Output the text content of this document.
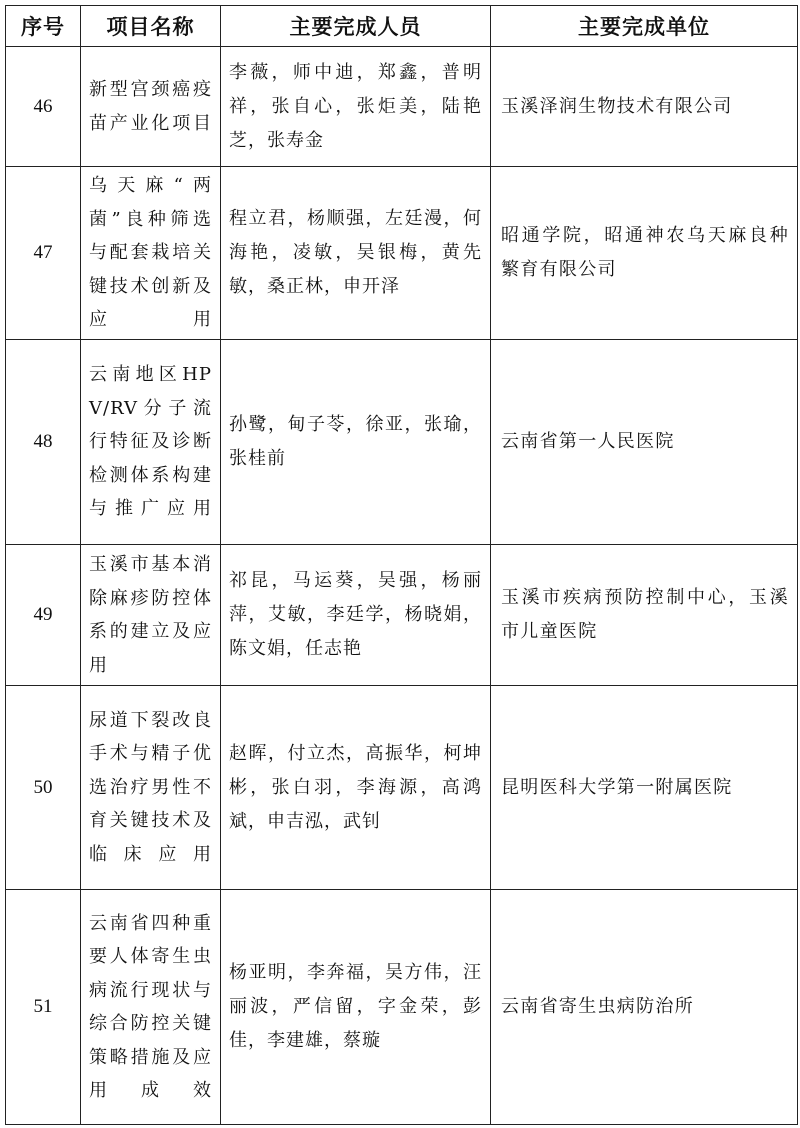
序号	项目名称	主要完成人员	主要完成单位
46	新型宫颈癌疫苗产业化项目	李薇，师中迪，郑鑫，普明祥，张自心，张炬美，陆艳芝，张寿金	玉溪泽润生物技术有限公司
47	乌天麻“两菌”良种筛选与配套栽培关键技术创新及应用	程立君，杨顺强，左廷漫，何海艳，凌敏，吴银梅，黄先敏，桑正林，申开泽	昭通学院，昭通神农乌天麻良种繁育有限公司
48	云南地区HPV/RV分子流行特征及诊断检测体系构建与推广应用	孙鹭，甸子苓，徐亚，张瑜，张桂前	云南省第一人民医院
49	玉溪市基本消除麻疹防控体系的建立及应用	祁昆，马运葵，吴强，杨丽萍，艾敏，李廷学，杨晓娟，陈文娟，任志艳	玉溪市疾病预防控制中心，玉溪市儿童医院
50	尿道下裂改良手术与精子优选治疗男性不育关键技术及临床应用	赵晖，付立杰，高振华，柯坤彬，张白羽，李海源，高鸿斌，申吉泓，武钊	昆明医科大学第一附属医院
51	云南省四种重要人体寄生虫病流行现状与综合防控关键策略措施及应用成效	杨亚明，李奔福，吴方伟，汪丽波，严信留，字金荣，彭佳，李建雄，蔡璇	云南省寄生虫病防治所
